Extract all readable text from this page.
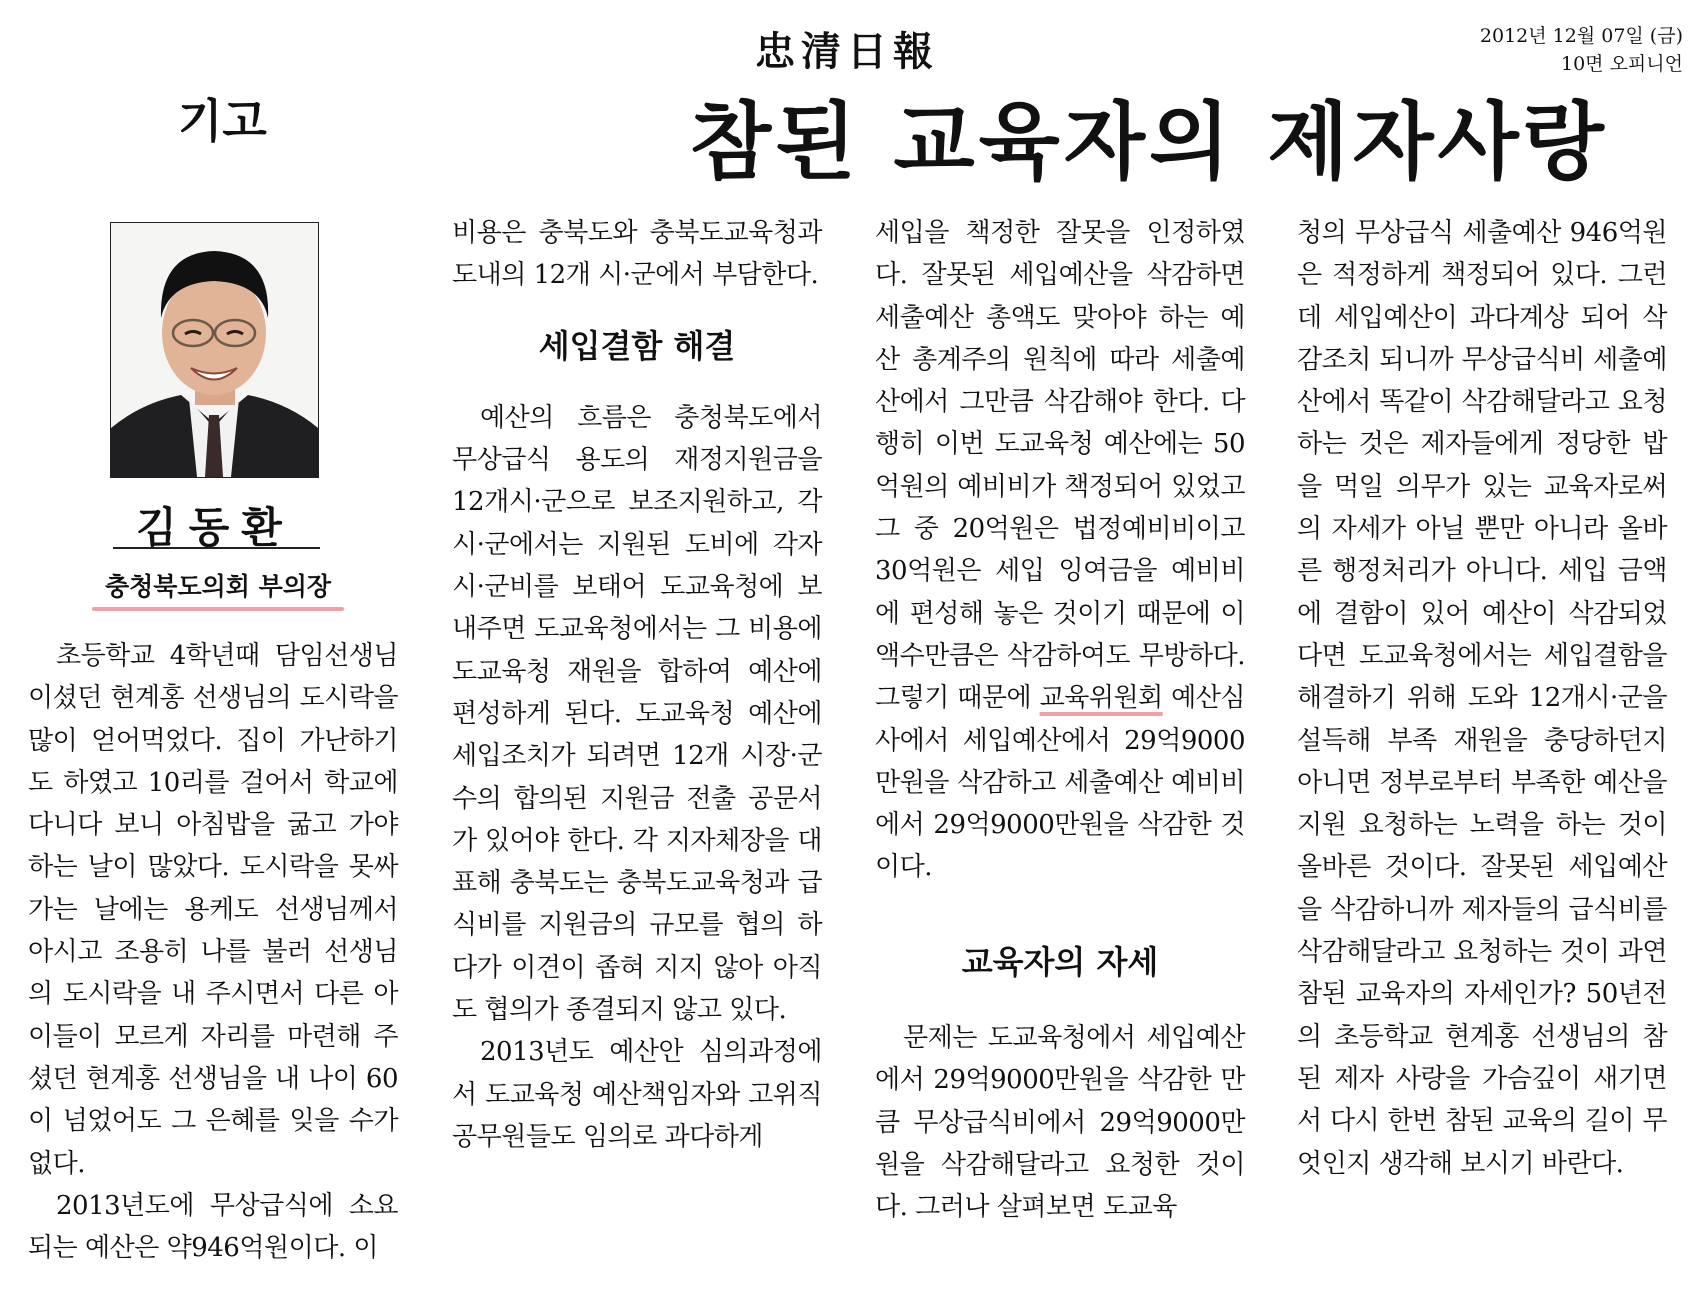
忠清日報	2012년 12월 07일 (금)
10면 오피니언
기고	참된 교육자의 제자사랑
김동환
충청북도의회 부의장

초등학교 4학년때 담임선생님이셨던 현계홍 선생님의 도시락을 많이 얻어먹었다. 집이 가난하기도 하였고 10리를 걸어서 학교에 다니다 보니 아침밥을 굶고 가야하는 날이 많았다. 도시락을 못싸가는 날에는 용케도 선생님께서 아시고 조용히 나를 불러 선생님의 도시락을 내 주시면서 다른 아이들이 모르게 자리를 마련해 주셨던 현계홍 선생님을 내 나이 60이 넘었어도 그 은혜를 잊을 수가 없다.

2013년도에 무상급식에 소요되는 예산은 약946억원이다. 이

비용은 충북도와 충북도교육청과 도내의 12개 시·군에서 부담한다.

세입결함 해결

예산의 흐름은 충청북도에서 무상급식 용도의 재정지원금을 12개시·군으로 보조지원하고, 각 시·군에서는 지원된 도비에 각자 시·군비를 보태어 도교육청에 보내주면 도교육청에서는 그 비용에 도교육청 재원을 합하여 예산에 편성하게 된다. 도교육청 예산에 세입조치가 되려면 12개 시장·군수의 합의된 지원금 전출 공문서가 있어야 한다. 각 지자체장을 대표해 충북도는 충북도교육청과 급식비를 지원금의 규모를 협의 하다가 이견이 좁혀 지지 않아 아직도 협의가 종결되지 않고 있다.

2013년도 예산안 심의과정에서 도교육청 예산책임자와 고위직 공무원들도 임의로 과다하게

세입을 책정한 잘못을 인정하였다. 잘못된 세입예산을 삭감하면 세출예산 총액도 맞아야 하는 예산 총계주의 원칙에 따라 세출예산에서 그만큼 삭감해야 한다. 다행히 이번 도교육청 예산에는 50억원의 예비비가 책정되어 있었고 그 중 20억원은 법정예비비이고 30억원은 세입 잉여금을 예비비에 편성해 놓은 것이기 때문에 이 액수만큼은 삭감하여도 무방하다. 그렇기 때문에 교육위원회 예산심사에서 세입예산에서 29억9000만원을 삭감하고 세출예산 예비비에서 29억9000만원을 삭감한 것이다.

교육자의 자세

문제는 도교육청에서 세입예산에서 29억9000만원을 삭감한 만큼 무상급식비에서 29억9000만원을 삭감해달라고 요청한 것이다. 그러나 살펴보면 도교육

청의 무상급식 세출예산 946억원은 적정하게 책정되어 있다. 그런데 세입예산이 과다계상 되어 삭감조치 되니까 무상급식비 세출예산에서 똑같이 삭감해달라고 요청 하는 것은 제자들에게 정당한 밥을 먹일 의무가 있는 교육자로써의 자세가 아닐 뿐만 아니라 올바른 행정처리가 아니다. 세입 금액에 결함이 있어 예산이 삭감되었다면 도교육청에서는 세입결함을 해결하기 위해 도와 12개시·군을 설득해 부족 재원을 충당하던지 아니면 정부로부터 부족한 예산을 지원 요청하는 노력을 하는 것이 올바른 것이다. 잘못된 세입예산을 삭감하니까 제자들의 급식비를 삭감해달라고 요청하는 것이 과연 참된 교육자의 자세인가? 50년전의 초등학교 현계홍 선생님의 참된 제자 사랑을 가슴깊이 새기면서 다시 한번 참된 교육의 길이 무엇인지 생각해 보시기 바란다.
